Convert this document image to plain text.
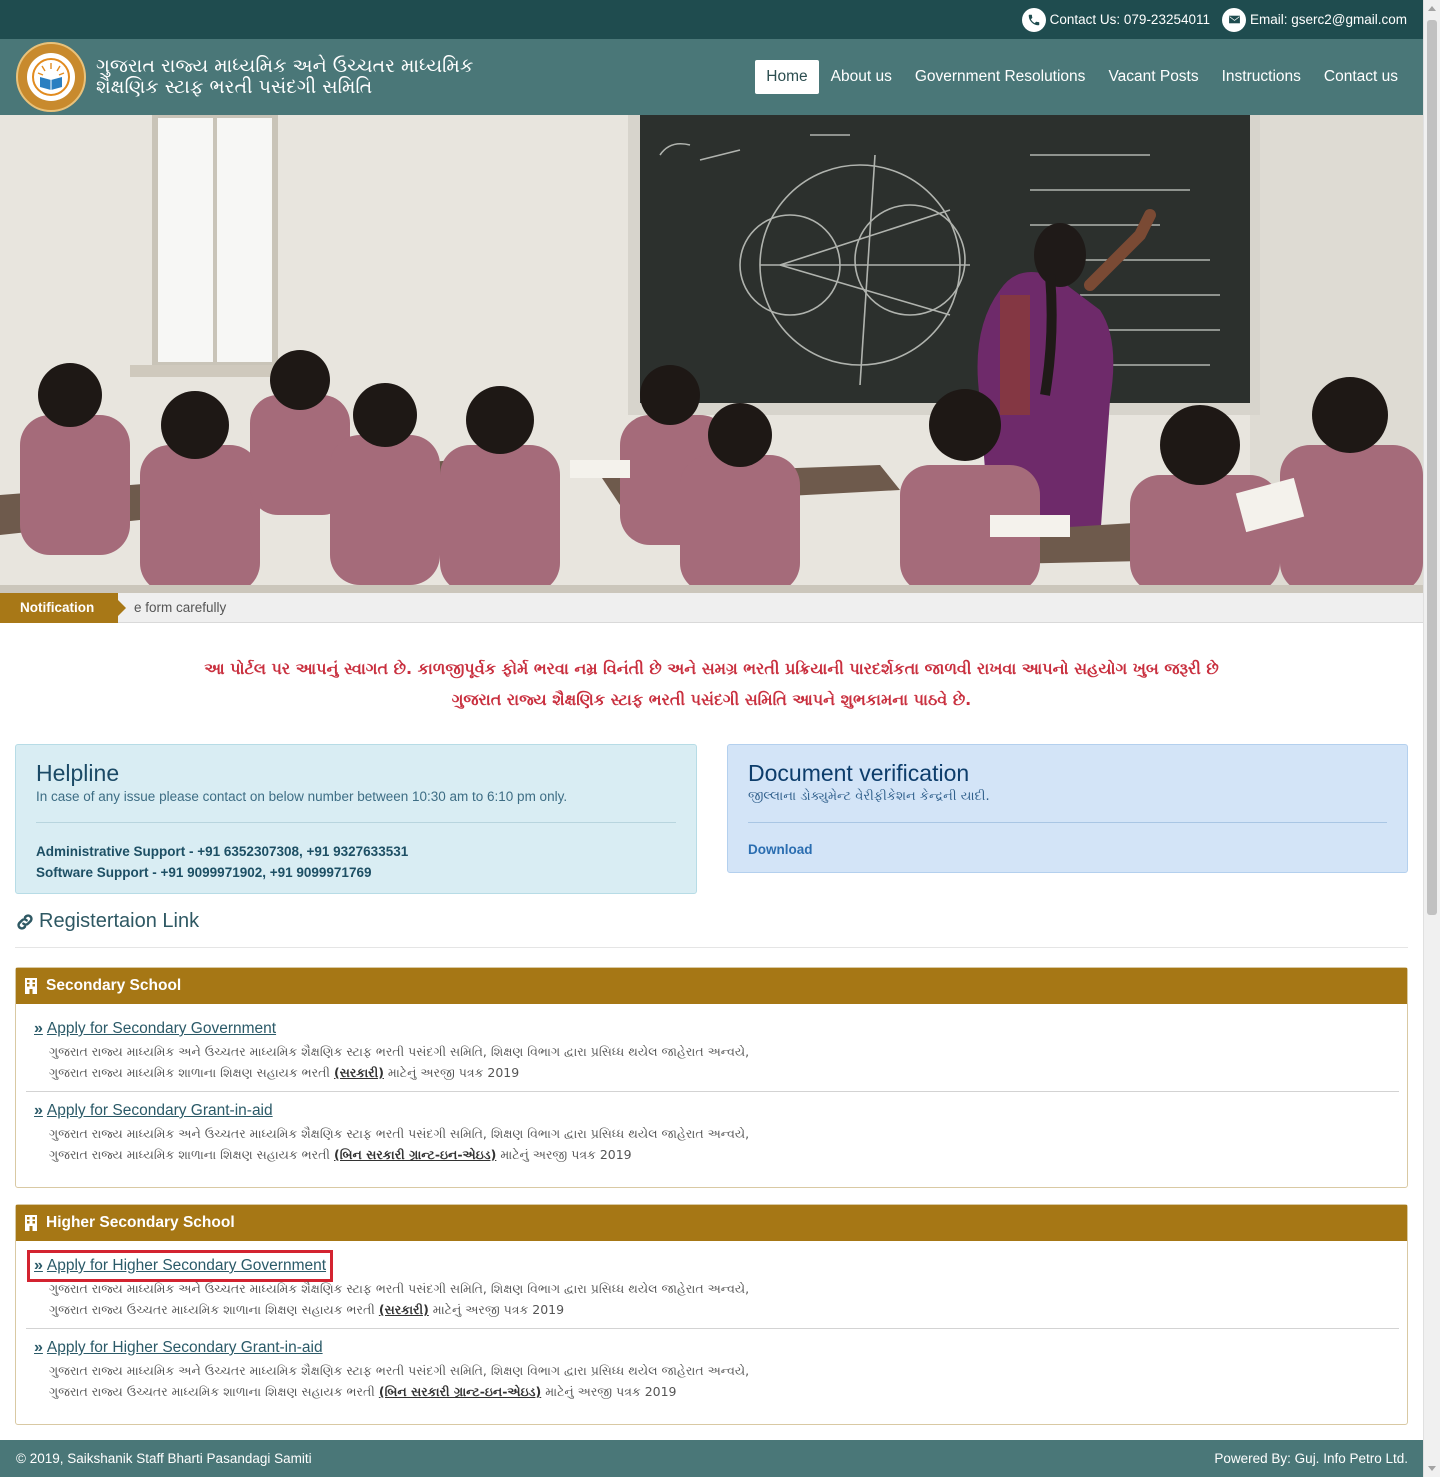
Contact Us: 079-23254011	Email: gserc2@gmail.com
ગુજરાત રાજ્ય માધ્યમિક અને ઉચ્ચતર માધ્યમિક
શૈક્ષણિક સ્ટાફ ભરતી પસંદગી સમિતિ	Home	About us	Government Resolutions	Vacant Posts	Instructions	Contact us
Notification	e form carefully
આ પોર્ટલ પર આપનું સ્વાગત છે. કાળજીપૂર્વક ફોર્મ ભરવા નમ્ર વિનંતી છે અને સમગ્ર ભરતી પ્રક્રિયાની પારદર્શકતા જાળવી રાખવા આપનો સહયોગ ખુબ જરૂરી છે
ગુજરાત રાજ્ય શૈક્ષણિક સ્ટાફ ભરતી પસંદગી સમિતિ આપને શુભકામના પાઠવે છે.
Helpline
In case of any issue please contact on below number between 10:30 am to 6:10 pm only.
Administrative Support - +91 6352307308, +91 9327633531
Software Support - +91 9099971902, +91 9099971769
Document verification
જીલ્લાના ડોક્યુમેન્ટ વેરીફીકેશન કેન્દ્રની યાદી.
Download
Registertaion Link
Secondary School
» Apply for Secondary Government
ગુજરાત રાજ્ય માધ્યમિક અને ઉચ્ચતર માધ્યમિક શૈક્ષણિક સ્ટાફ ભરતી પસંદગી સમિતિ, શિક્ષણ વિભાગ દ્વારા પ્રસિધ્ધ થયેલ જાહેરાત અન્વયે,
ગુજરાત રાજ્ય માધ્યમિક શાળાના શિક્ષણ સહાયક ભરતી (સરકારી) માટેનું અરજી પત્રક 2019
» Apply for Secondary Grant-in-aid
ગુજરાત રાજ્ય માધ્યમિક અને ઉચ્ચતર માધ્યમિક શૈક્ષણિક સ્ટાફ ભરતી પસંદગી સમિતિ, શિક્ષણ વિભાગ દ્વારા પ્રસિધ્ધ થયેલ જાહેરાત અન્વયે,
ગુજરાત રાજ્ય માધ્યમિક શાળાના શિક્ષણ સહાયક ભરતી (બિન સરકારી ગ્રાન્ટ-ઇન-એઇડ) માટેનું અરજી પત્રક 2019
Higher Secondary School
» Apply for Higher Secondary Government
ગુજરાત રાજ્ય માધ્યમિક અને ઉચ્ચતર માધ્યમિક શૈક્ષણિક સ્ટાફ ભરતી પસંદગી સમિતિ, શિક્ષણ વિભાગ દ્વારા પ્રસિધ્ધ થયેલ જાહેરાત અન્વયે,
ગુજરાત રાજ્ય ઉચ્ચતર માધ્યમિક શાળાના શિક્ષણ સહાયક ભરતી (સરકારી) માટેનું અરજી પત્રક 2019
» Apply for Higher Secondary Grant-in-aid
ગુજરાત રાજ્ય માધ્યમિક અને ઉચ્ચતર માધ્યમિક શૈક્ષણિક સ્ટાફ ભરતી પસંદગી સમિતિ, શિક્ષણ વિભાગ દ્વારા પ્રસિધ્ધ થયેલ જાહેરાત અન્વયે,
ગુજરાત રાજ્ય ઉચ્ચતર માધ્યમિક શાળાના શિક્ષણ સહાયક ભરતી (બિન સરકારી ગ્રાન્ટ-ઇન-એઇડ) માટેનું અરજી પત્રક 2019
© 2019, Saikshanik Staff Bharti Pasandagi Samiti	Powered By: Guj. Info Petro Ltd.
